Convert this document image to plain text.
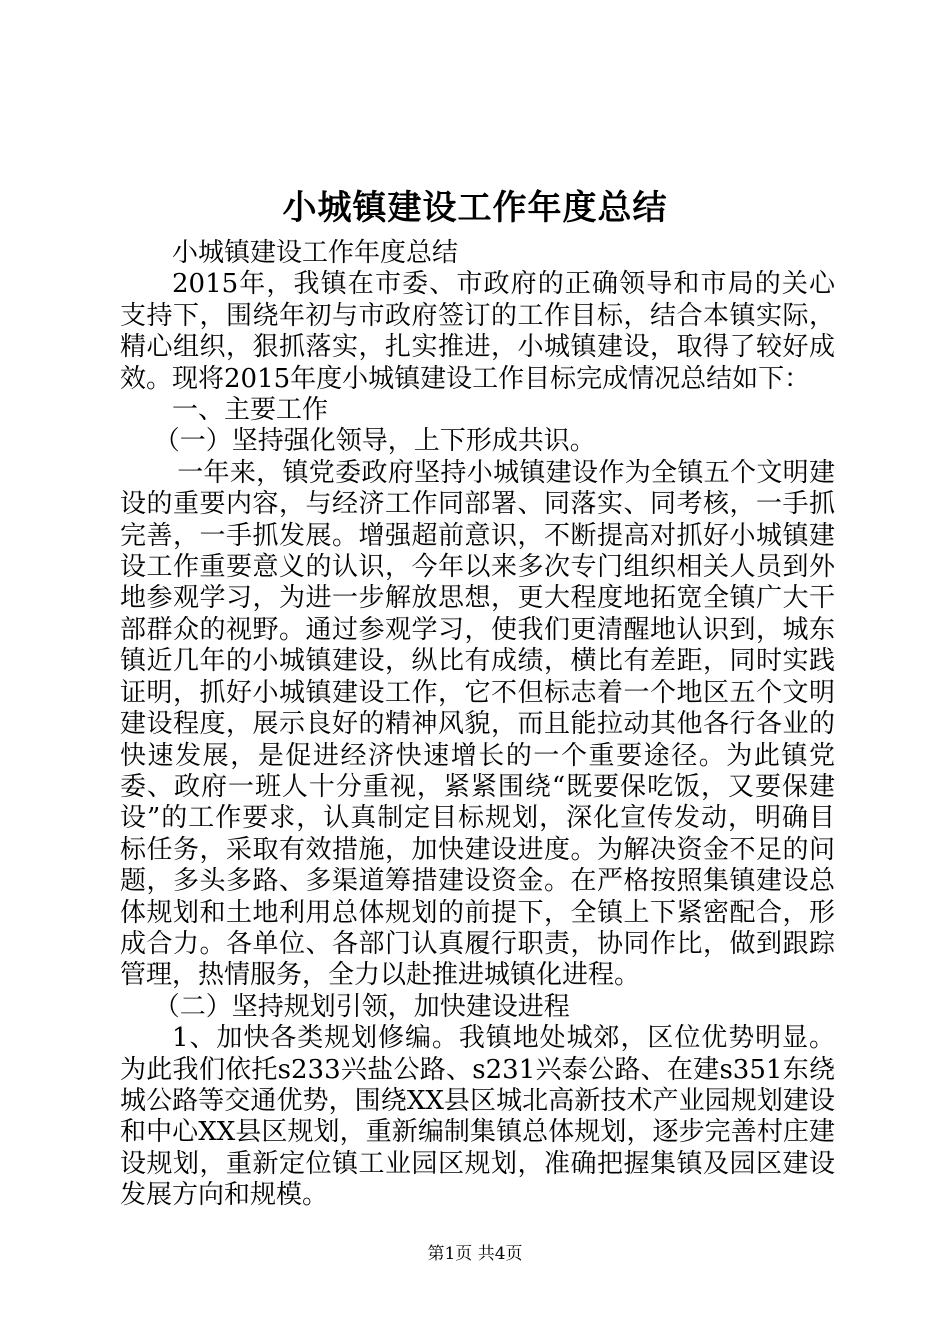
小城镇建设工作年度总结

小城镇建设工作年度总结

2015年，我镇在市委、市政府的正确领导和市局的关心支持下，围绕年初与市政府签订的工作目标，结合本镇实际，精心组织，狠抓落实，扎实推进，小城镇建设，取得了较好成效。现将2015年度小城镇建设工作目标完成情况总结如下：

一、主要工作

（一）坚持强化领导，上下形成共识。

一年来，镇党委政府坚持小城镇建设作为全镇五个文明建设的重要内容，与经济工作同部署、同落实、同考核，一手抓完善，一手抓发展。增强超前意识，不断提高对抓好小城镇建设工作重要意义的认识，今年以来多次专门组织相关人员到外地参观学习，为进一步解放思想，更大程度地拓宽全镇广大干部群众的视野。通过参观学习，使我们更清醒地认识到，城东镇近几年的小城镇建设，纵比有成绩，横比有差距，同时实践证明，抓好小城镇建设工作，它不但标志着一个地区五个文明建设程度，展示良好的精神风貌，而且能拉动其他各行各业的快速发展，是促进经济快速增长的一个重要途径。为此镇党委、政府一班人十分重视，紧紧围绕“既要保吃饭，又要保建设”的工作要求，认真制定目标规划，深化宣传发动，明确目标任务，采取有效措施，加快建设进度。为解决资金不足的问题，多头多路、多渠道筹措建设资金。在严格按照集镇建设总体规划和土地利用总体规划的前提下，全镇上下紧密配合，形成合力。各单位、各部门认真履行职责，协同作比，做到跟踪管理，热情服务，全力以赴推进城镇化进程。

（二）坚持规划引领，加快建设进程

1、加快各类规划修编。我镇地处城郊，区位优势明显。为此我们依托s233兴盐公路、s231兴泰公路、在建s351东绕城公路等交通优势，围绕XX县区城北高新技术产业园规划建设和中心XX县区规划，重新编制集镇总体规划，逐步完善村庄建设规划，重新定位镇工业园区规划，准确把握集镇及园区建设发展方向和规模。

第1页 共4页
